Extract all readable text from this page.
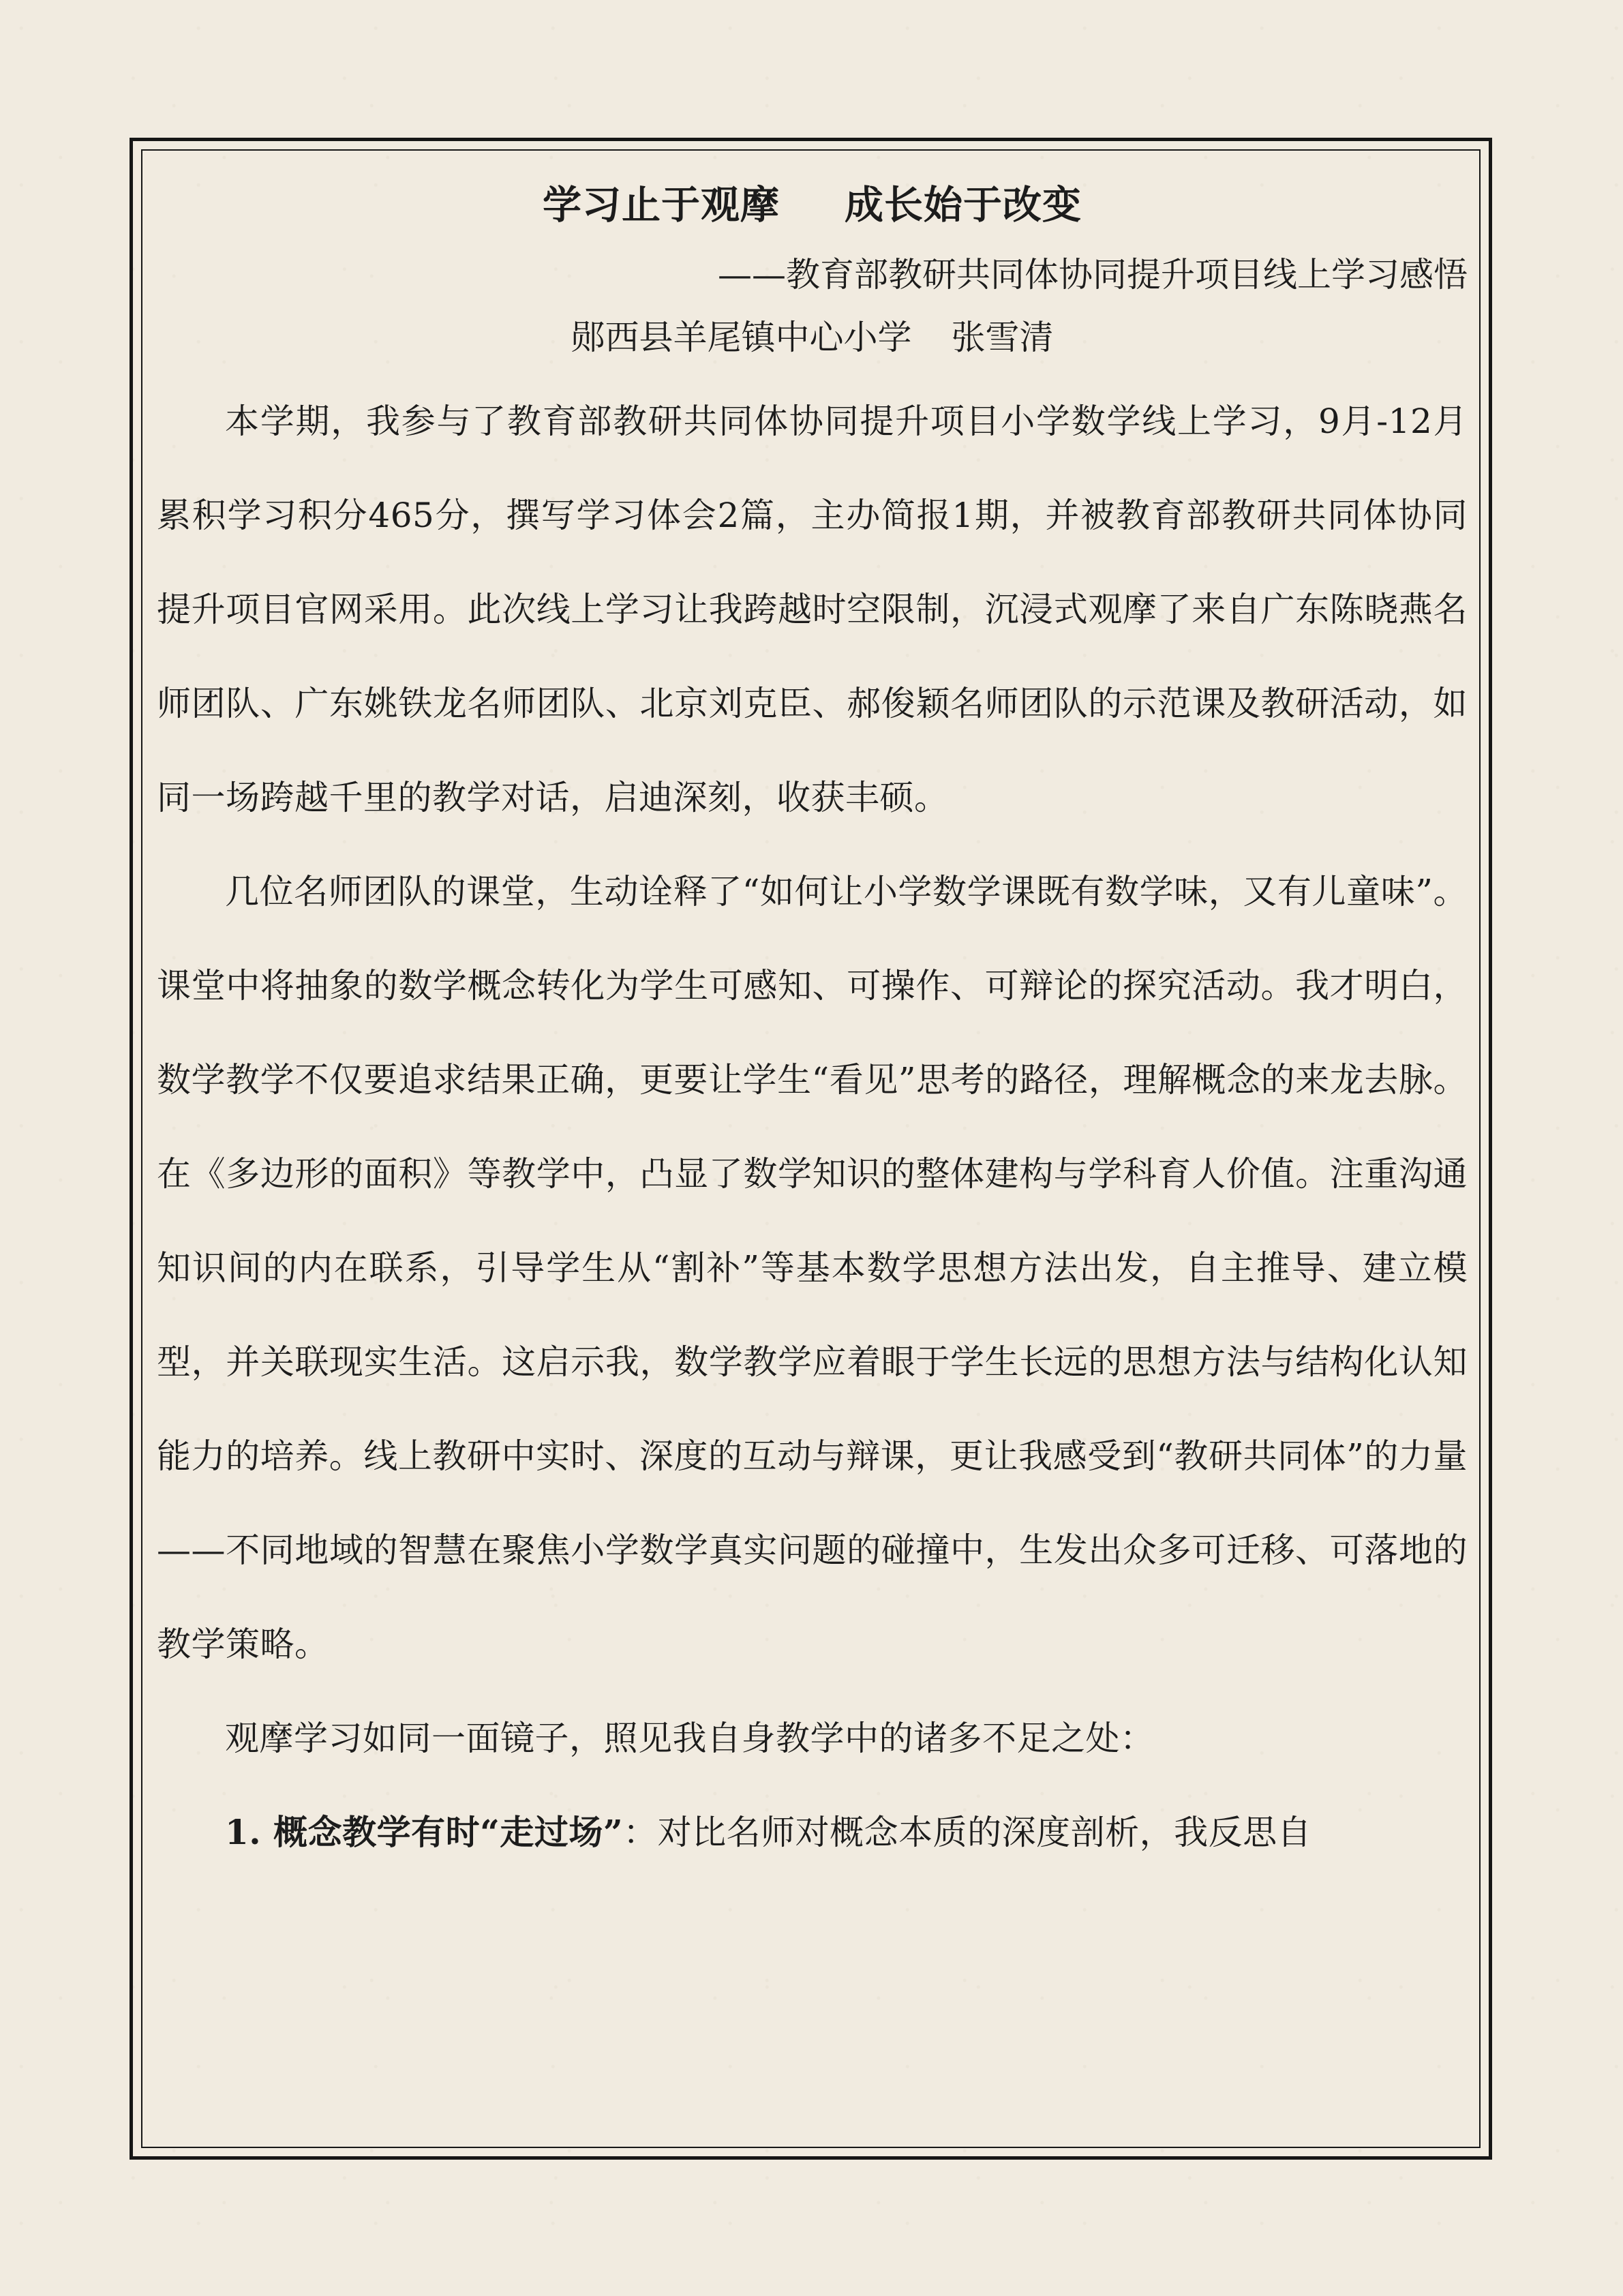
学习止于观摩 成长始于改变
——教育部教研共同体协同提升项目线上学习感悟
郧西县羊尾镇中心小学 张雪清

本学期，我参与了教育部教研共同体协同提升项目小学数学线上学习，9月-12月累积学习积分465分，撰写学习体会2篇，主办简报1期，并被教育部教研共同体协同提升项目官网采用。此次线上学习让我跨越时空限制，沉浸式观摩了来自广东陈晓燕名师团队、广东姚铁龙名师团队、北京刘克臣、郝俊颖名师团队的示范课及教研活动，如同一场跨越千里的教学对话，启迪深刻，收获丰硕。

几位名师团队的课堂，生动诠释了“如何让小学数学课既有数学味，又有儿童味”。课堂中将抽象的数学概念转化为学生可感知、可操作、可辩论的探究活动。我才明白，数学教学不仅要追求结果正确，更要让学生“看见”思考的路径，理解概念的来龙去脉。在《多边形的面积》等教学中，凸显了数学知识的整体建构与学科育人价值。注重沟通知识间的内在联系，引导学生从“割补”等基本数学思想方法出发，自主推导、建立模型，并关联现实生活。这启示我，数学教学应着眼于学生长远的思想方法与结构化认知能力的培养。线上教研中实时、深度的互动与辩课，更让我感受到“教研共同体”的力量——不同地域的智慧在聚焦小学数学真实问题的碰撞中，生发出众多可迁移、可落地的教学策略。

观摩学习如同一面镜子，照见我自身教学中的诸多不足之处：

1. 概念教学有时“走过场”：对比名师对概念本质的深度剖析，我反思自
